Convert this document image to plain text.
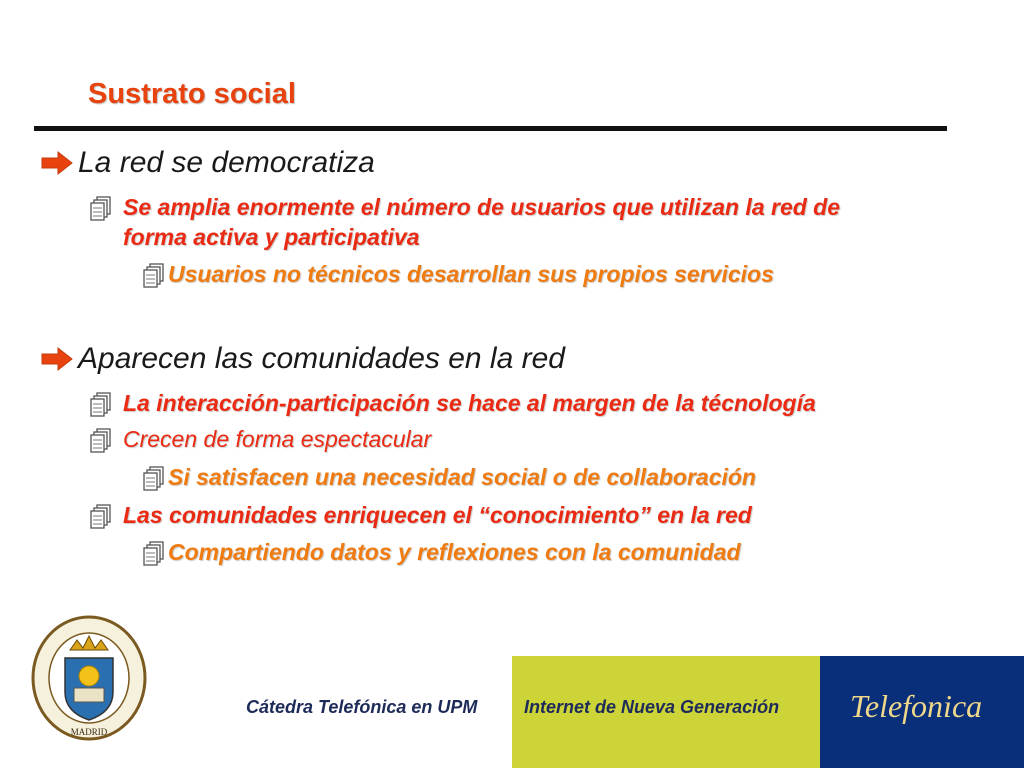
Sustrato social
La red se democratiza
Se amplia enormente el número de usuarios que utilizan la red de
forma activa y participativa
Usuarios no técnicos desarrollan sus propios servicios
Aparecen las comunidades en la red
La interacción-participación se hace al margen de la técnología
Crecen de forma espectacular
Si satisfacen una necesidad social o de collaboración
Las comunidades enriquecen el “conocimiento” en la red
Compartiendo datos y reflexiones con la comunidad
MADRID
Cátedra Telefónica en UPM	Internet de Nueva Generación Telefonica
